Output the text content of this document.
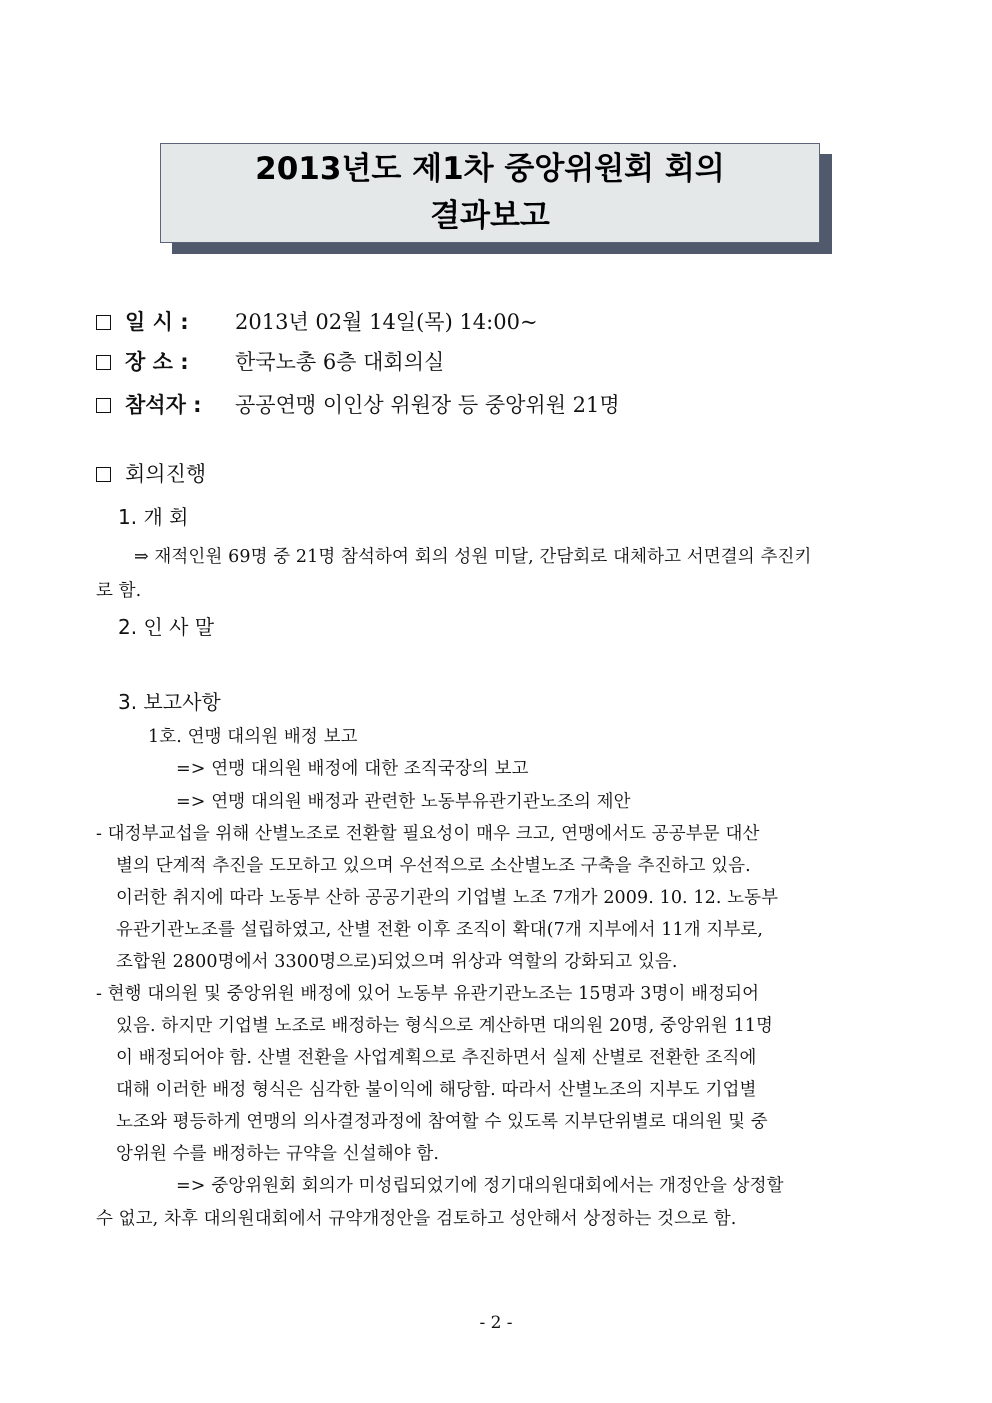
2013년도 제1차 중앙위원회 회의
결과보고
일 시 : 2013년 02월 14일(목) 14:00~
장 소 : 한국노총 6층 대회의실
참석자 : 공공연맹 이인상 위원장 등 중앙위원 21명
회의진행
1. 개 회
⇒ 재적인원 69명 중 21명 참석하여 회의 성원 미달, 간담회로 대체하고 서면결의 추진키
로 함.
2. 인 사 말
3. 보고사항
1호. 연맹 대의원 배정 보고
=> 연맹 대의원 배정에 대한 조직국장의 보고
=> 연맹 대의원 배정과 관련한 노동부유관기관노조의 제안
- 대정부교섭을 위해 산별노조로 전환할 필요성이 매우 크고, 연맹에서도 공공부문 대산
별의 단계적 추진을 도모하고 있으며 우선적으로 소산별노조 구축을 추진하고 있음.
이러한 취지에 따라 노동부 산하 공공기관의 기업별 노조 7개가 2009. 10. 12. 노동부
유관기관노조를 설립하였고, 산별 전환 이후 조직이 확대(7개 지부에서 11개 지부로,
조합원 2800명에서 3300명으로)되었으며 위상과 역할의 강화되고 있음.
- 현행 대의원 및 중앙위원 배정에 있어 노동부 유관기관노조는 15명과 3명이 배정되어
있음. 하지만 기업별 노조로 배정하는 형식으로 계산하면 대의원 20명, 중앙위원 11명
이 배정되어야 함. 산별 전환을 사업계획으로 추진하면서 실제 산별로 전환한 조직에
대해 이러한 배정 형식은 심각한 불이익에 해당함. 따라서 산별노조의 지부도 기업별
노조와 평등하게 연맹의 의사결정과정에 참여할 수 있도록 지부단위별로 대의원 및 중
앙위원 수를 배정하는 규약을 신설해야 함.
=> 중앙위원회 회의가 미성립되었기에 정기대의원대회에서는 개정안을 상정할
수 없고, 차후 대의원대회에서 규약개정안을 검토하고 성안해서 상정하는 것으로 함.
- 2 -
